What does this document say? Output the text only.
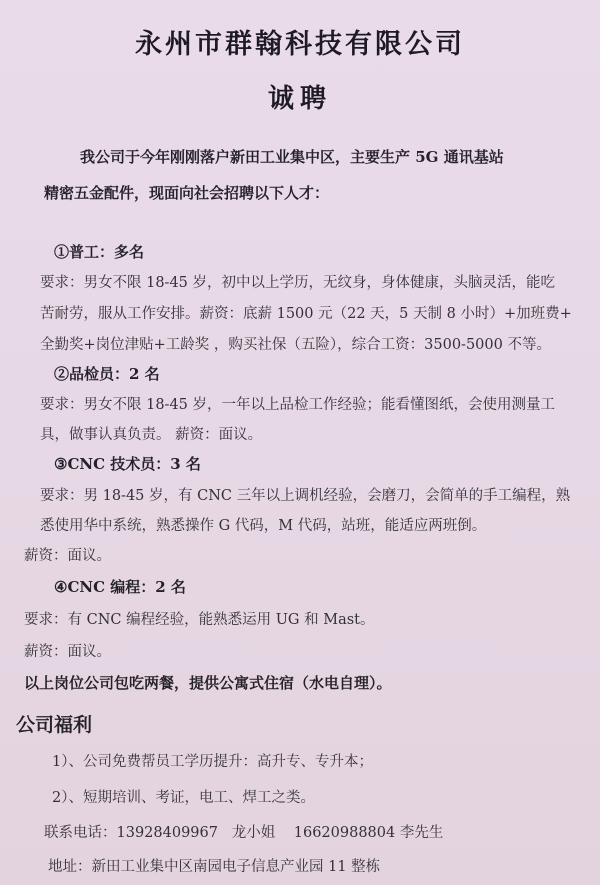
永州市群翰科技有限公司
诚聘
我公司于今年刚刚落户新田工业集中区，主要生产 5G 通讯基站
精密五金配件，现面向社会招聘以下人才：
①普工：多名
要求：男女不限 18-45 岁，初中以上学历，无纹身，身体健康，头脑灵活，能吃
苦耐劳，服从工作安排。薪资：底薪 1500 元（22 天，5 天制 8 小时）+加班费+
全勤奖+岗位津贴+工龄奖 ，购买社保（五险），综合工资：3500-5000 不等。
②品检员：2 名
要求：男女不限 18-45 岁，一年以上品检工作经验；能看懂图纸，会使用测量工
具，做事认真负责。 薪资：面议。
③CNC 技术员：3 名
要求：男 18-45 岁，有 CNC 三年以上调机经验，会磨刀，会简单的手工编程，熟
悉使用华中系统，熟悉操作 G 代码，M 代码，站班，能适应两班倒。
薪资：面议。
④CNC 编程：2 名
要求：有 CNC 编程经验，能熟悉运用 UG 和 Mast。
薪资：面议。
以上岗位公司包吃两餐，提供公寓式住宿（水电自理）。
公司福利
1）、公司免费帮员工学历提升：高升专、专升本；
2）、短期培训、考证，电工、焊工之类。
联系电话：13928409967   龙小姐    16620988804 李先生
地址：新田工业集中区南园电子信息产业园 11 整栋
